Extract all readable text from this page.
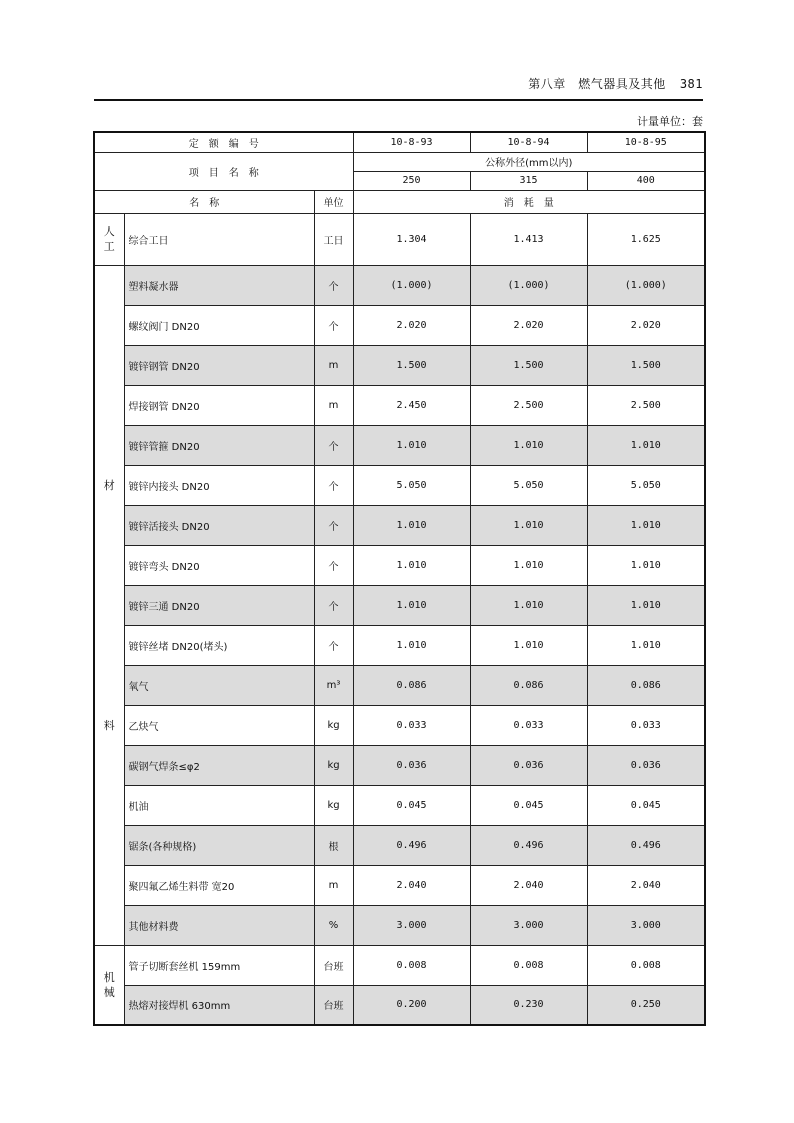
第八章　燃气器具及其他 381
计量单位：套
定　额　编　号			10-8-93	10-8-94	10-8-95
项　目　名　称			公称外径(mm以内)		
			250	315	400
名　称		单位	消　耗　量		
人工	综合工日	工日	1.304	1.413	1.625

材
料	塑料凝水器	个	(1.000)	(1.000)	(1.000)
	螺纹阀门 DN20	个	2.020	2.020	2.020
	镀锌钢管 DN20	m	1.500	1.500	1.500
	焊接钢管 DN20	m	2.450	2.500	2.500
	镀锌管箍 DN20	个	1.010	1.010	1.010
	镀锌内接头 DN20	个	5.050	5.050	5.050
	镀锌活接头 DN20	个	1.010	1.010	1.010
	镀锌弯头 DN20	个	1.010	1.010	1.010
	镀锌三通 DN20	个	1.010	1.010	1.010
	镀锌丝堵 DN20(堵头)	个	1.010	1.010	1.010
	氧气	m³	0.086	0.086	0.086
	乙炔气	kg	0.033	0.033	0.033
	碳钢气焊条≤φ2	kg	0.036	0.036	0.036
	机油	kg	0.045	0.045	0.045
	锯条(各种规格)	根	0.496	0.496	0.496
	聚四氟乙烯生料带 宽20	m	2.040	2.040	2.040
	其他材料费	%	3.000	3.000	3.000
机械	管子切断套丝机 159mm	台班	0.008	0.008	0.008
	热熔对接焊机 630mm	台班	0.200	0.230	0.250
